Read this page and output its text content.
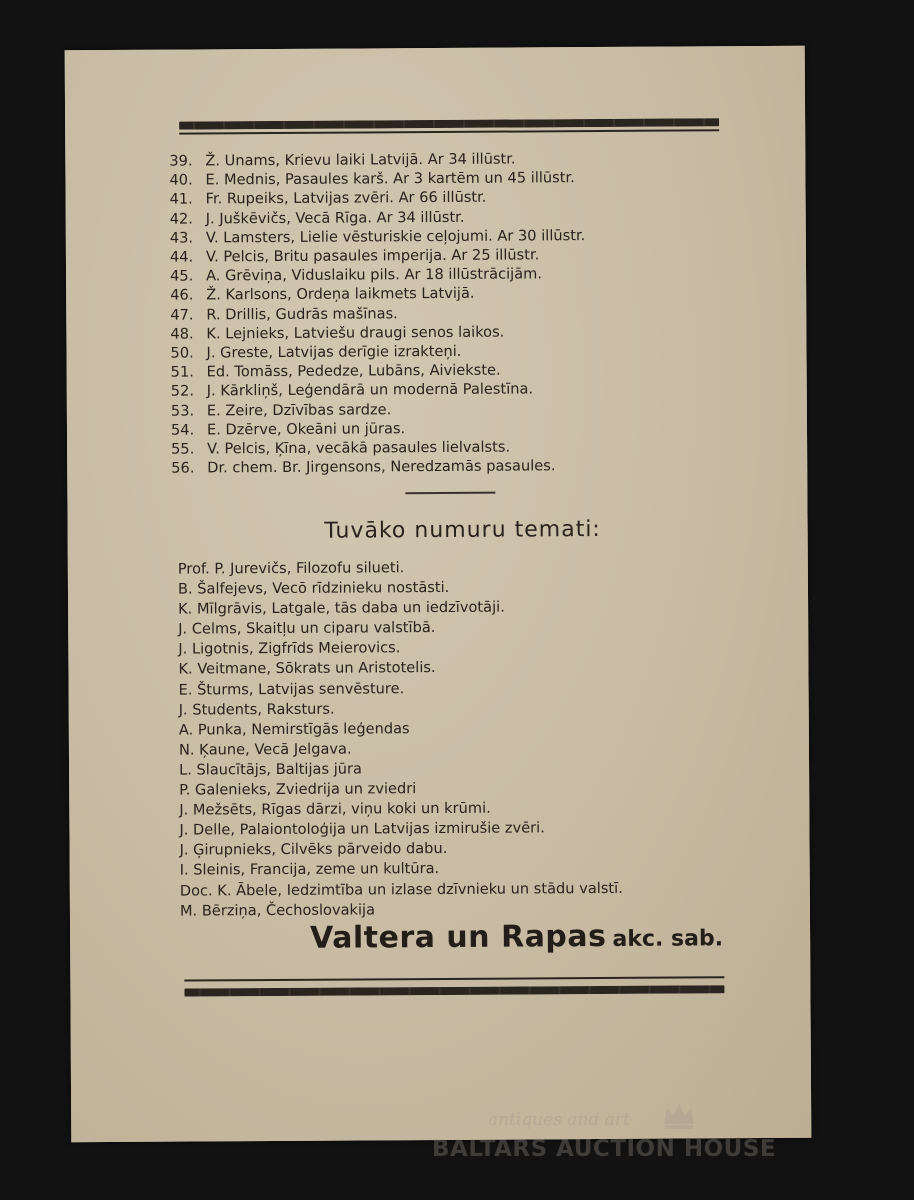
39. Ž. Unams, Krievu laiki Latvijā. Ar 34 illūstr.
40. E. Mednis, Pasaules karš. Ar 3 kartēm un 45 illūstr.
41. Fr. Rupeiks, Latvijas zvēri. Ar 66 illūstr.
42. J. Juškēvičs, Vecā Rīga. Ar 34 illūstr.
43. V. Lamsters, Lielie vēsturiskie ceļojumi. Ar 30 illūstr.
44. V. Pelcis, Britu pasaules imperija. Ar 25 illūstr.
45. A. Grēviņa, Viduslaiku pils. Ar 18 illūstrācijām.
46. Ž. Karlsons, Ordeņa laikmets Latvijā.
47. R. Drillis, Gudrās mašīnas.
48. K. Lejnieks, Latviešu draugi senos laikos.
50. J. Greste, Latvijas derīgie izrakteņi.
51. Ed. Tomāss, Pededze, Lubāns, Aiviekste.
52. J. Kārkliņš, Leģendārā un modernā Palestīna.
53. E. Zeire, Dzīvības sardze.
54. E. Dzērve, Okeāni un jūras.
55. V. Pelcis, Ķīna, vecākā pasaules lielvalsts.
56. Dr. chem. Br. Jirgensons, Neredzamās pasaules.
Tuvāko numuru temati:
Prof. P. Jurevičs, Filozofu silueti.
B. Šalfejevs, Vecō rīdzinieku nostāsti.
K. Mīlgrāvis, Latgale, tās daba un iedzīvotāji.
J. Celms, Skaitļu un ciparu valstībā.
J. Ligotnis, Zigfrīds Meierovics.
K. Veitmane, Sōkrats un Aristotelis.
E. Šturms, Latvijas senvēsture.
J. Students, Raksturs.
A. Punka, Nemirstīgās leģendas
N. Ķaune, Vecā Jelgava.
L. Slaucītājs, Baltijas jūra
P. Galenieks, Zviedrija un zviedri
J. Mežsēts, Rīgas dārzi, viņu koki un krūmi.
J. Delle, Palaiontoloģija un Latvijas izmirušie zvēri.
J. Ģirupnieks, Cilvēks pārveido dabu.
I. Sleinis, Francija, zeme un kultūra.
Doc. K. Ābele, Iedzimtība un izlase dzīvnieku un stādu valstī.
M. Bērziņa, Čechoslovakija
Valtera un Rapas akc. sab.
antiques and art
BALTARS AUCTION HOUSE
